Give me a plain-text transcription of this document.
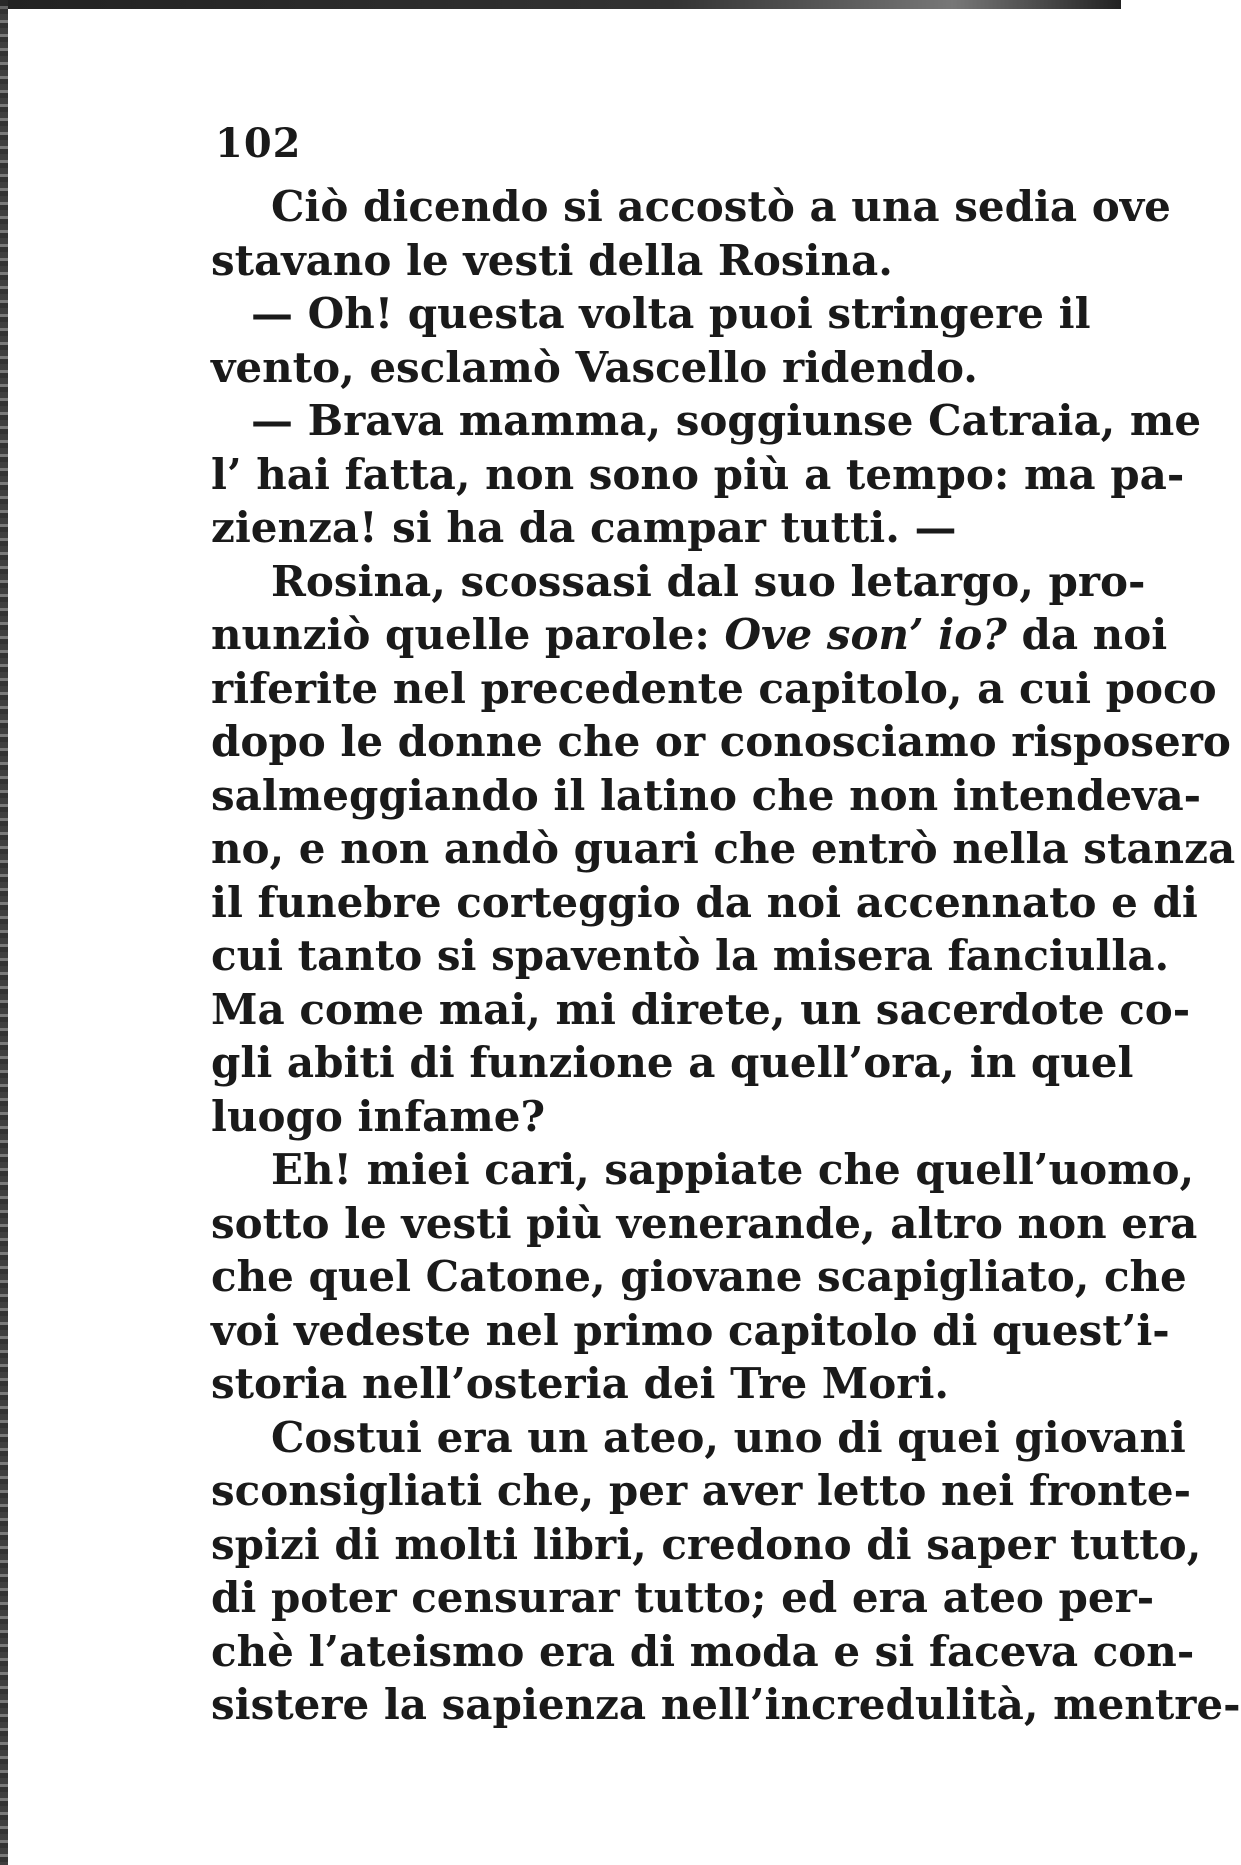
102
Ciò dicendo si accostò a una sedia ove
stavano le vesti della Rosina.
— Oh! questa volta puoi stringere il
vento, esclamò Vascello ridendo.
— Brava mamma, soggiunse Catraia, me
l’ hai fatta, non sono più a tempo: ma pa-
zienza! si ha da campar tutti. —
Rosina, scossasi dal suo letargo, pro-
nunziò quelle parole: Ove son’ io? da noi
riferite nel precedente capitolo, a cui poco
dopo le donne che or conosciamo risposero
salmeggiando il latino che non intendeva-
no, e non andò guari che entrò nella stanza
il funebre corteggio da noi accennato e di
cui tanto si spaventò la misera fanciulla.
Ma come mai, mi direte, un sacerdote co-
gli abiti di funzione a quell’ora, in quel
luogo infame?
Eh! miei cari, sappiate che quell’uomo,
sotto le vesti più venerande, altro non era
che quel Catone, giovane scapigliato, che
voi vedeste nel primo capitolo di quest’i-
storia nell’osteria dei Tre Mori.
Costui era un ateo, uno di quei giovani
sconsigliati che, per aver letto nei fronte-
spizi di molti libri, credono di saper tutto,
di poter censurar tutto; ed era ateo per-
chè l’ateismo era di moda e si faceva con-
sistere la sapienza nell’incredulità, mentre-
